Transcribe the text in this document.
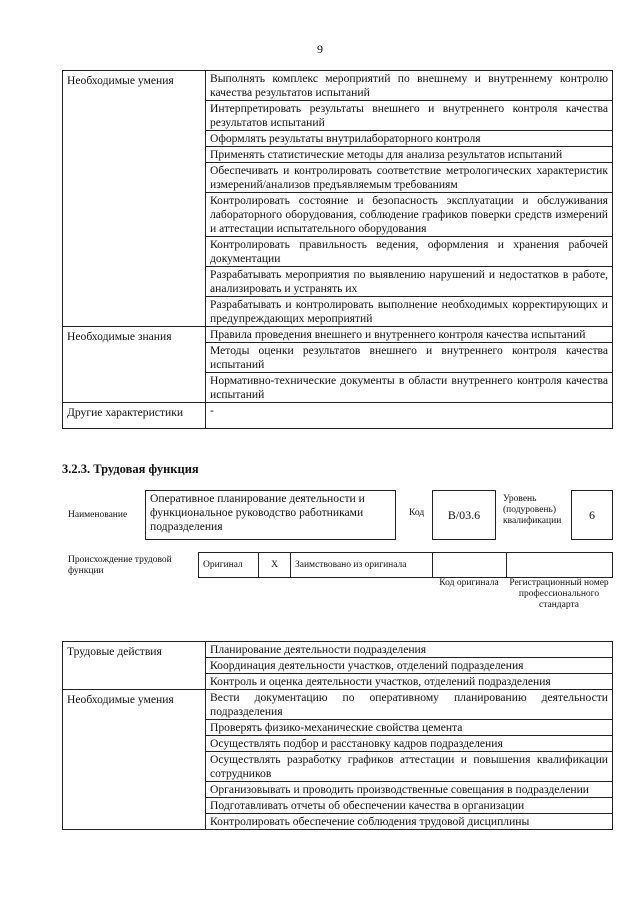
9
Необходимые умения	Выполнять комплекс мероприятий по внешнему и внутреннему контролю качества результатов испытаний
	Интерпретировать результаты внешнего и внутреннего контроля качества результатов испытаний
	Оформлять результаты внутрилабораторного контроля
	Применять статистические методы для анализа результатов испытаний
	Обеспечивать и контролировать соответствие метрологических характеристик измерений/анализов предъявляемым требованиям
	Контролировать состояние и безопасность эксплуатации и обслуживания лабораторного оборудования, соблюдение графиков поверки средств измерений и аттестации испытательного оборудования
	Контролировать правильность ведения, оформления и хранения рабочей документации
	Разрабатывать мероприятия по выявлению нарушений и недостатков в работе, анализировать и устранять их
	Разрабатывать и контролировать выполнение необходимых корректирующих и предупреждающих мероприятий
Необходимые знания	Правила проведения внешнего и внутреннего контроля качества испытаний
	Методы оценки результатов внешнего и внутреннего контроля качества испытаний
	Нормативно-технические документы в области внутреннего контроля качества испытаний
Другие характеристики	-
3.2.3. Трудовая функция
Наименование
Оперативное планирование деятельности и функциональное руководство работниками подразделения
Код	В/03.6
Уровень (подуровень) квалификации	6
Происхождение трудовой функции
Оригинал	X	Заимствовано из оригинала		
Код оригинала	Регистрационный номер профессионального стандарта
Трудовые действия	Планирование деятельности подразделения
	Координация деятельности участков, отделений подразделения
	Контроль и оценка деятельности участков, отделений подразделения
Необходимые умения	Вести документацию по оперативному планированию деятельности подразделения
	Проверять физико-механические свойства цемента
	Осуществлять подбор и расстановку кадров подразделения
	Осуществлять разработку графиков аттестации и повышения квалификации сотрудников
	Организовывать и проводить производственные совещания в подразделении
	Подготавливать отчеты об обеспечении качества в организации
	Контролировать обеспечение соблюдения трудовой дисциплины
